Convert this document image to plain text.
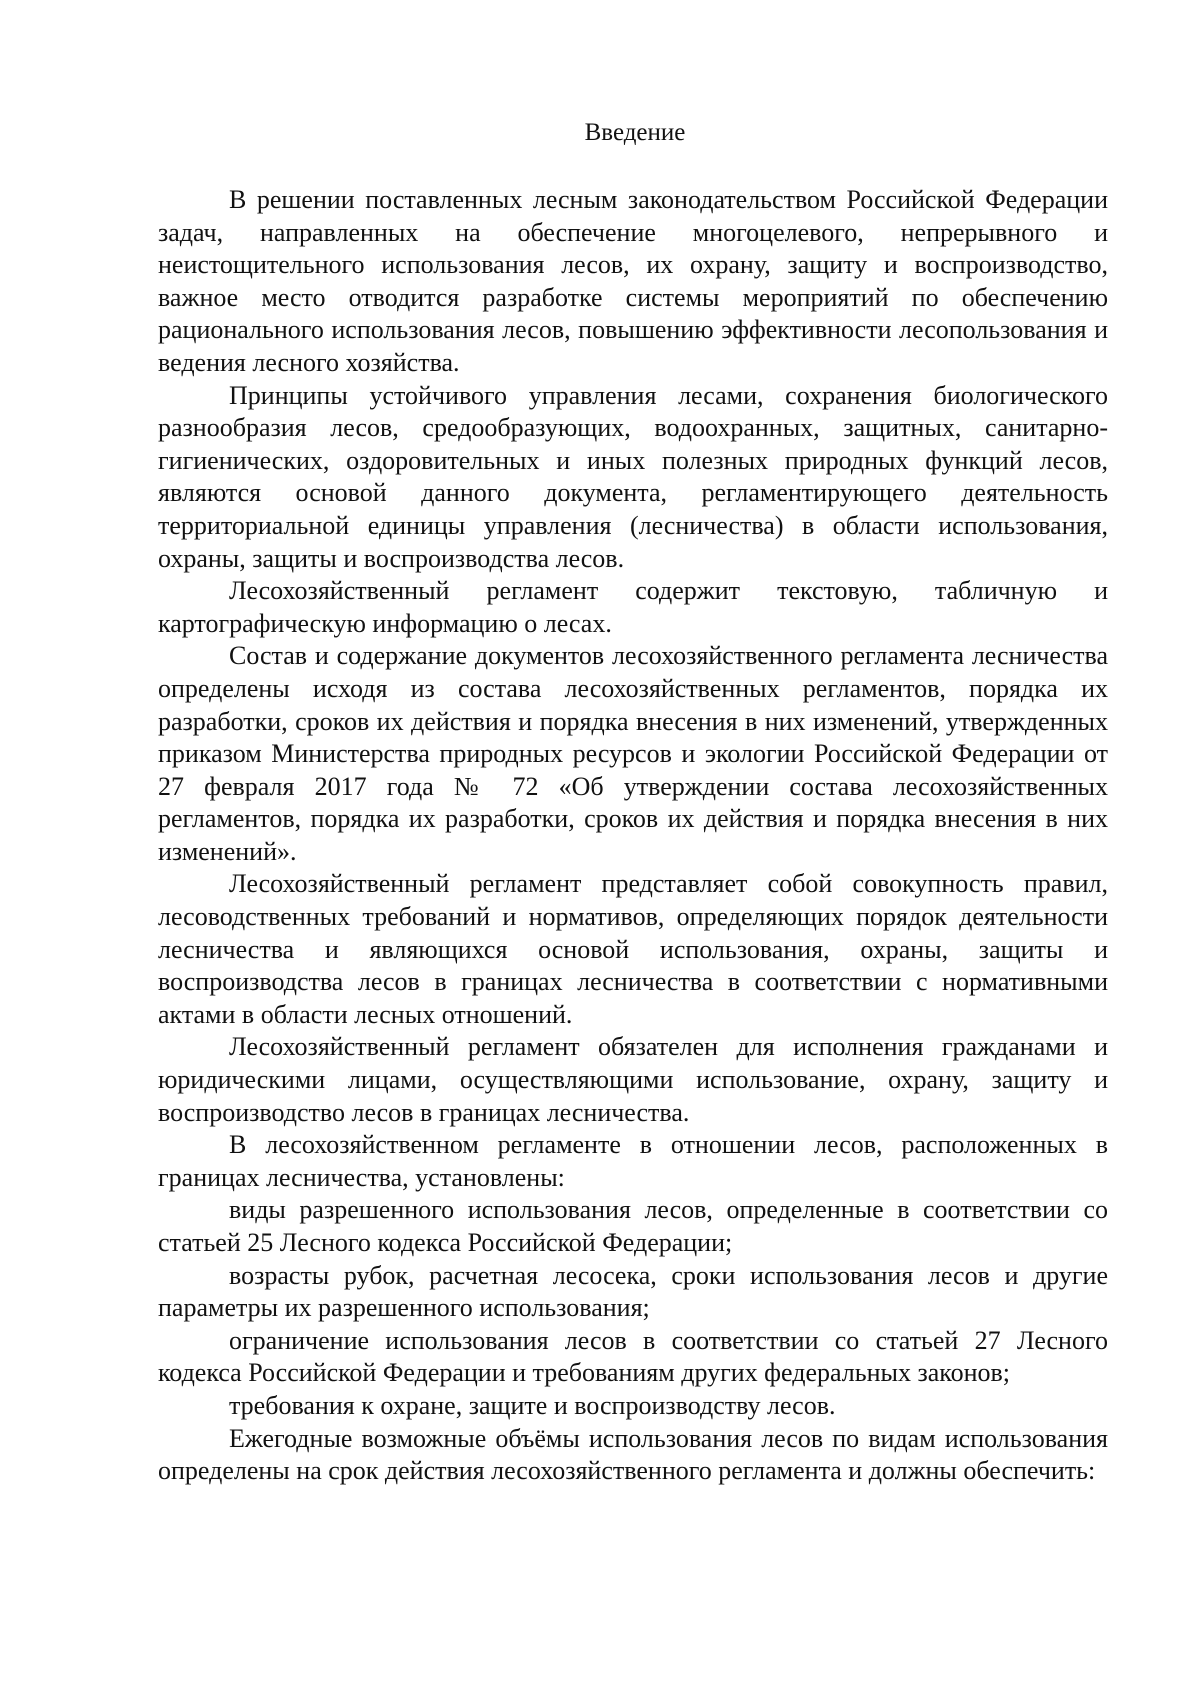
Введение

В решении поставленных лесным законодательством Российской Федерации задач, направленных на обеспечение многоцелевого, непрерывного и неистощительного использования лесов, их охрану, защиту и воспроизводство, важное место отводится разработке системы мероприятий по обеспечению рационального использования лесов, повышению эффективности лесопользования и ведения лесного хозяйства.

Принципы устойчивого управления лесами, сохранения биологического разнообразия лесов, средообразующих, водоохранных, защитных, санитарно-гигиенических, оздоровительных и иных полезных природных функций лесов, являются основой данного документа, регламентирующего деятельность территориальной единицы управления (лесничества) в области использования, охраны, защиты и воспроизводства лесов.

Лесохозяйственный регламент содержит текстовую, табличную и картографическую информацию о лесах.

Состав и содержание документов лесохозяйственного регламента лесничества определены исходя из состава лесохозяйственных регламентов, порядка их разработки, сроков их действия и порядка внесения в них изменений, утвержденных приказом Министерства природных ресурсов и экологии Российской Федерации от 27 февраля 2017 года № 72 «Об утверждении состава лесохозяйственных регламентов, порядка их разработки, сроков их действия и порядка внесения в них изменений».

Лесохозяйственный регламент представляет собой совокупность правил, лесоводственных требований и нормативов, определяющих порядок деятельности лесничества и являющихся основой использования, охраны, защиты и воспроизводства лесов в границах лесничества в соответствии с нормативными актами в области лесных отношений.

Лесохозяйственный регламент обязателен для исполнения гражданами и юридическими лицами, осуществляющими использование, охрану, защиту и воспроизводство лесов в границах лесничества.

В лесохозяйственном регламенте в отношении лесов, расположенных в границах лесничества, установлены:

виды разрешенного использования лесов, определенные в соответствии со статьей 25 Лесного кодекса Российской Федерации;

возрасты рубок, расчетная лесосека, сроки использования лесов и другие параметры их разрешенного использования;

ограничение использования лесов в соответствии со статьей 27 Лесного кодекса Российской Федерации и требованиям других федеральных законов;

требования к охране, защите и воспроизводству лесов.

Ежегодные возможные объёмы использования лесов по видам использования определены на срок действия лесохозяйственного регламента и должны обеспечить:
